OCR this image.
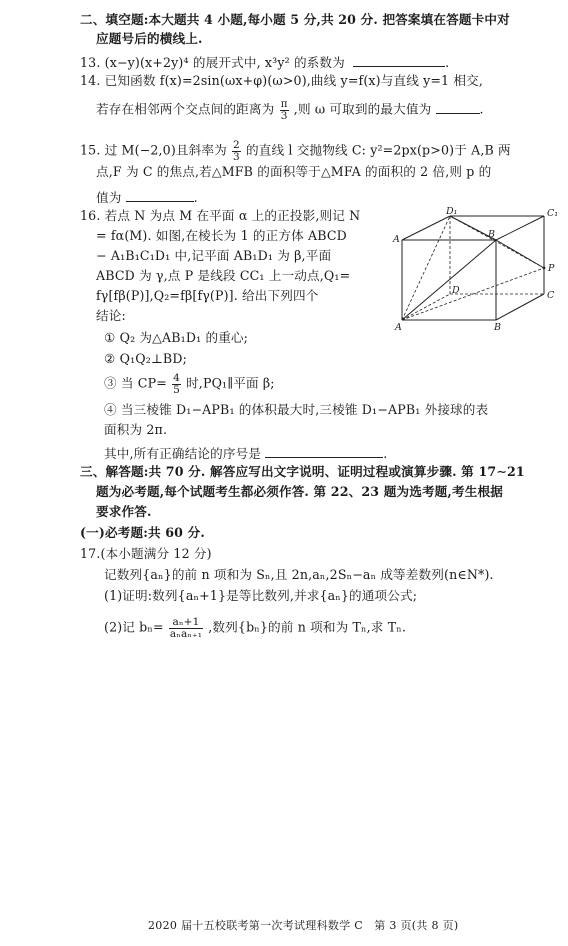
二、填空题:本大题共 4 小题,每小题 5 分,共 20 分. 把答案填在答题卡中对
应题号后的横线上.
13. (x−y)(x+2y)⁴ 的展开式中, x³y² 的系数为	.
14. 已知函数 f(x)=2sin(ωx+φ)(ω>0),曲线 y=f(x)与直线 y=1 相交,
若存在相邻两个交点间的距离为 $\frac{\pi}{3}$ ,则 ω 可取到的最大值为	.
15. 过 M(−2,0)且斜率为 $\frac{2}{3}$ 的直线 l 交抛物线 C: y²=2px(p>0)于 A,B 两
点,F 为 C 的焦点,若△MFB 的面积等于△MFA 的面积的 2 倍,则 p 的
值为	.
16. 若点 N 为点 M 在平面 α 上的正投影,则记 N
= fα(M). 如图,在棱长为 1 的正方体 ABCD
− A₁B₁C₁D₁ 中,记平面 AB₁D₁ 为 β,平面
ABCD 为 γ,点 P 是线段 CC₁ 上一动点,Q₁=
fγ[fβ(P)],Q₂=fβ[fγ(P)]. 给出下列四个
结论:
D₁	C₁
A	B
P
D
A	B
C
① Q₂ 为△AB₁D₁ 的重心;
② Q₁Q₂⊥BD;
③ 当 $CP= \frac{4}{5}$ 时,PQ₁∥平面 β;
④ 当三棱锥 D₁−APB₁ 的体积最大时,三棱锥 D₁−APB₁ 外接球的表
面积为 2π.
其中,所有正确结论的序号是	.
三、解答题:共 70 分. 解答应写出文字说明、证明过程或演算步骤. 第 17∼21
题为必考题,每个试题考生都必须作答. 第 22、23 题为选考题,考生根据
要求作答.
(一)必考题:共 60 分.
17.(本小题满分 12 分)
记数列{aₙ}的前 n 项和为 Sₙ,且 2n,aₙ,2Sₙ−aₙ 成等差数列(n∈N*).
(1)证明:数列{aₙ+1}是等比数列,并求{aₙ}的通项公式;
(2)记 $b_n= \frac{\text{aₙ+1}}{\text{aₙaₙ₊₁}}$ ,数列{bₙ}的前 n 项和为 Tₙ,求 Tₙ.
2020 届十五校联考第一次考试理科数学 C　第 3 页(共 8 页)
